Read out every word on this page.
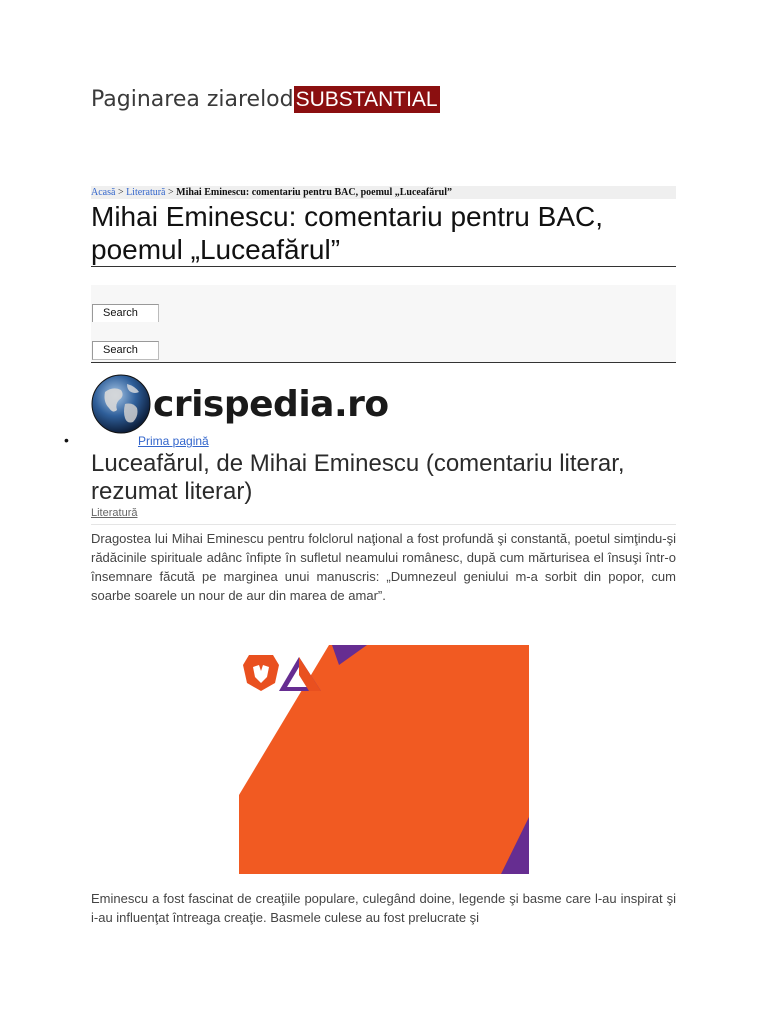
Paginarea ziarelod SUBSTANTIAL
Acasă > Literatură > Mihai Eminescu: comentariu pentru BAC, poemul „Luceafărul”
Mihai Eminescu: comentariu pentru BAC, poemul „Luceafărul”
Search
Search
crispedia.ro
•	Prima pagină
Luceafărul, de Mihai Eminescu (comentariu literar, rezumat literar)
Literatură

Dragostea lui Mihai Eminescu pentru folclorul naţional a fost profundă şi constantă, poetul simţindu-şi rădăcinile spirituale adânc înfipte în sufletul neamului românesc, după cum mărturisea el însuşi într-o însemnare făcută pe marginea unui manuscris: „Dumnezeul geniului m-a sorbit din popor, cum soarbe soarele un nour de aur din marea de amar”.

Eminescu a fost fascinat de creaţiile populare, culegând doine, legende şi basme care l-au inspirat şi i-au influenţat întreaga creaţie. Basmele culese au fost prelucrate şi
